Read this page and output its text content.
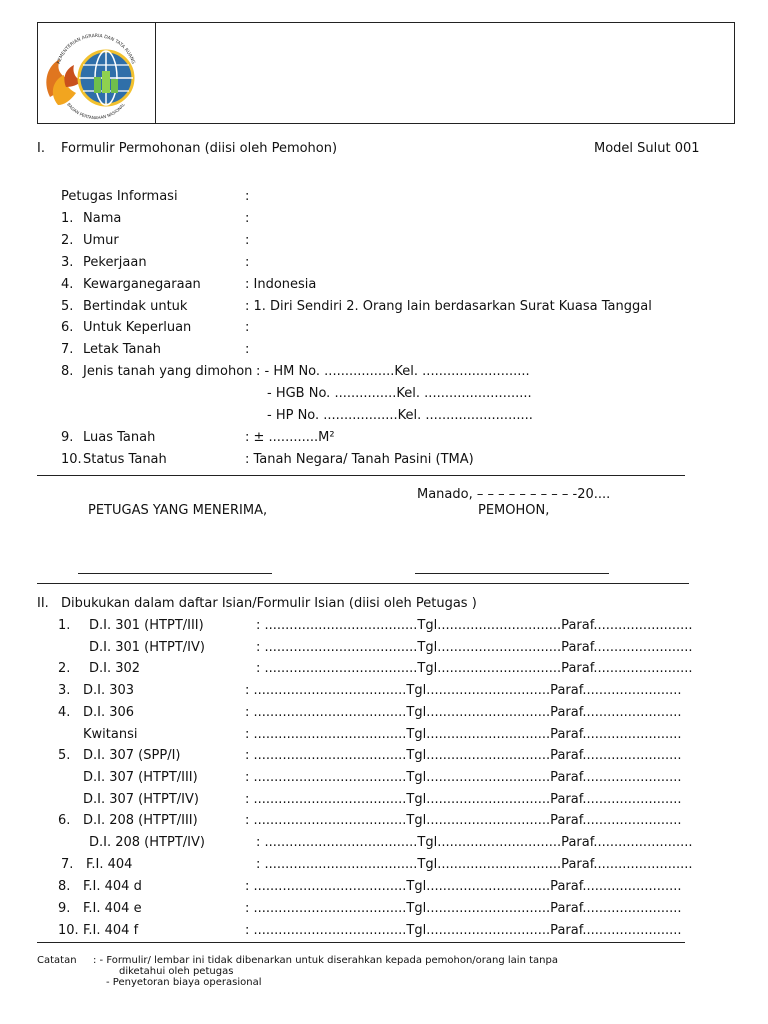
KEMENTERIAN AGRARIA DAN TATA RUANG
BADAN PERTANAHAN NASIONAL
I. Formulir Permohonan (diisi oleh Pemohon)	Model Sulut 001
Petugas Informasi	:
1. Nama	:
2. Umur	:
3. Pekerjaan	:
4. Kewarganegaraan	: Indonesia
5. Bertindak untuk	: 1. Diri Sendiri 2. Orang lain berdasarkan Surat Kuasa Tanggal
6. Untuk Keperluan	:
7. Letak Tanah	:
8. Jenis tanah yang dimohon : - HM No. .................Kel. ..........................
- HGB No. ...............Kel. ..........................
- HP No. ..................Kel. ..........................
9. Luas Tanah	: ± ............M²
10. Status Tanah	: Tanah Negara/ Tanah Pasini (TMA)
Manado, – – – – – – – – – -20....
PETUGAS YANG MENERIMA,	PEMOHON,
II. Dibukukan dalam daftar Isian/Formulir Isian (diisi oleh Petugas )
1. D.I. 301 (HTPT/III)	: .....................................Tgl..............................Paraf........................
D.I. 301 (HTPT/IV)	: .....................................Tgl..............................Paraf........................
2. D.I. 302	: .....................................Tgl..............................Paraf........................
3. D.I. 303	: .....................................Tgl..............................Paraf........................
4. D.I. 306	: .....................................Tgl..............................Paraf........................
Kwitansi	: .....................................Tgl..............................Paraf........................
5. D.I. 307 (SPP/I)	: .....................................Tgl..............................Paraf........................
D.I. 307 (HTPT/III)	: .....................................Tgl..............................Paraf........................
D.I. 307 (HTPT/IV)	: .....................................Tgl..............................Paraf........................
6. D.I. 208 (HTPT/III)	: .....................................Tgl..............................Paraf........................
D.I. 208 (HTPT/IV)	: .....................................Tgl..............................Paraf........................
7. F.I. 404	: .....................................Tgl..............................Paraf........................
8. F.I. 404 d	: .....................................Tgl..............................Paraf........................
9. F.I. 404 e	: .....................................Tgl..............................Paraf........................
10. F.I. 404 f	: .....................................Tgl..............................Paraf........................
Catatan : - Formulir/ lembar ini tidak dibenarkan untuk diserahkan kepada pemohon/orang lain tanpa
diketahui oleh petugas
- Penyetoran biaya operasional
